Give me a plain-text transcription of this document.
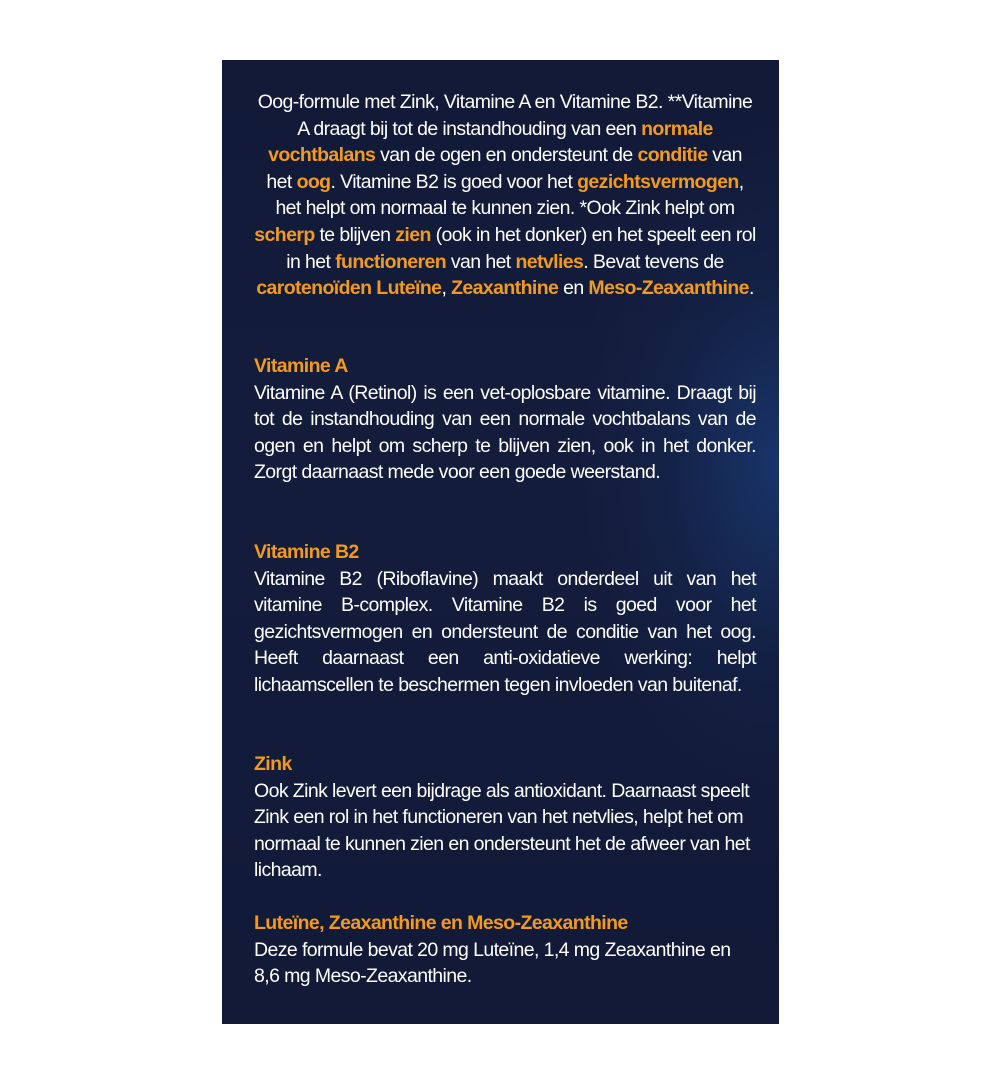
Oog-formule met Zink, Vitamine A en Vitamine B2. **Vitamine A draagt bij tot de instandhouding van een normale vochtbalans van de ogen en ondersteunt de conditie van het oog. Vitamine B2 is goed voor het gezichtsvermogen, het helpt om normaal te kunnen zien. *Ook Zink helpt om scherp te blijven zien (ook in het donker) en het speelt een rol in het functioneren van het netvlies. Bevat tevens de carotenoïden Luteïne, Zeaxanthine en Meso-Zeaxanthine.
Vitamine A

Vitamine A (Retinol) is een vet-oplosbare vitamine. Draagt bij tot de instandhouding van een normale vochtbalans van de ogen en helpt om scherp te blijven zien, ook in het donker. Zorgt daarnaast mede voor een goede weerstand.

Vitamine B2

Vitamine B2 (Riboflavine) maakt onderdeel uit van het vitamine B-complex. Vitamine B2 is goed voor het gezichtsvermogen en ondersteunt de conditie van het oog. Heeft daarnaast een anti-oxidatieve werking: helpt lichaamscellen te beschermen tegen invloeden van buitenaf.

Zink

Ook Zink levert een bijdrage als antioxidant. Daarnaast speelt Zink een rol in het functioneren van het netvlies, helpt het om normaal te kunnen zien en ondersteunt het de afweer van het lichaam.

Luteïne, Zeaxanthine en Meso-Zeaxanthine

Deze formule bevat 20 mg Luteïne, 1,4 mg Zeaxanthine en 8,6 mg Meso-Zeaxanthine.
